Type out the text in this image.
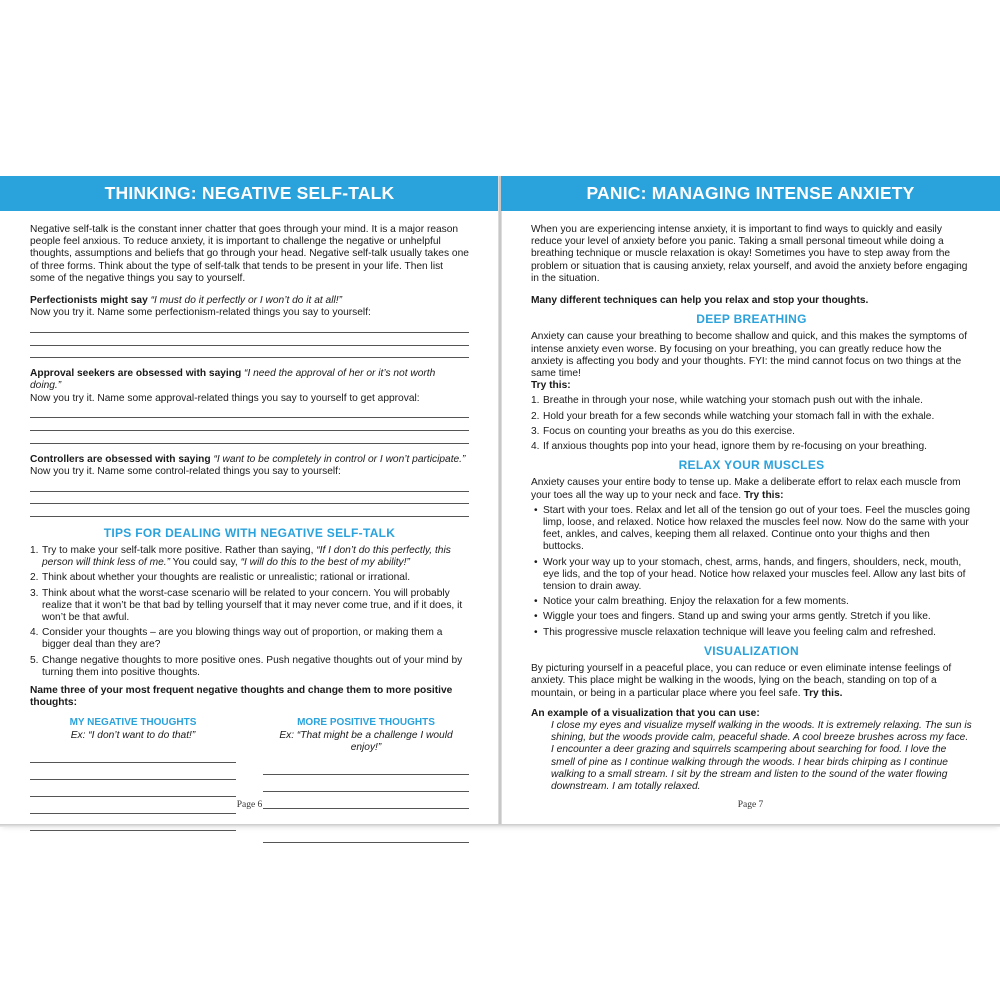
THINKING: NEGATIVE SELF-TALK

Negative self-talk is the constant inner chatter that goes through your mind. It is a major reason people feel anxious. To reduce anxiety, it is important to challenge the negative or unhelpful thoughts, assumptions and beliefs that go through your head. Negative self-talk usually takes one of three forms. Think about the type of self-talk that tends to be present in your life. Then list some of the negative things you say to yourself.

Perfectionists might say “I must do it perfectly or I won’t do it at all!”

Now you try it. Name some perfectionism-related things you say to yourself:

Approval seekers are obsessed with saying “I need the approval of her or it’s not worth doing.”

Now you try it. Name some approval-related things you say to yourself to get approval:

Controllers are obsessed with saying “I want to be completely in control or I won’t participate.”

Now you try it. Name some control-related things you say to yourself:

TIPS FOR DEALING WITH NEGATIVE SELF-TALK
1. Try to make your self-talk more positive. Rather than saying, “If I don’t do this perfectly, this person will think less of me.” You could say, “I will do this to the best of my ability!”
2. Think about whether your thoughts are realistic or unrealistic; rational or irrational.
3. Think about what the worst-case scenario will be related to your concern. You will probably realize that it won’t be that bad by telling yourself that it may never come true, and if it does, it won’t be that awful.
4. Consider your thoughts – are you blowing things way out of proportion, or making them a bigger deal than they are?
5. Change negative thoughts to more positive ones. Push negative thoughts out of your mind by turning them into positive thoughts.

Name three of your most frequent negative thoughts and change them to more positive thoughts:

MY NEGATIVE THOUGHTS
Ex: “I don’t want to do that!”
MORE POSITIVE THOUGHTS
Ex: “That might be a challenge I would enjoy!”
Page 6
PANIC: MANAGING INTENSE ANXIETY

When you are experiencing intense anxiety, it is important to find ways to quickly and easily reduce your level of anxiety before you panic. Taking a small personal timeout while doing a breathing technique or muscle relaxation is okay! Sometimes you have to step away from the problem or situation that is causing anxiety, relax yourself, and avoid the anxiety before engaging in the situation.

Many different techniques can help you relax and stop your thoughts.

DEEP BREATHING

Anxiety can cause your breathing to become shallow and quick, and this makes the symptoms of intense anxiety even worse. By focusing on your breathing, you can greatly reduce how the anxiety is affecting you body and your thoughts. FYI: the mind cannot focus on two things at the same time!

Try this:

1. Breathe in through your nose, while watching your stomach push out with the inhale.
2. Hold your breath for a few seconds while watching your stomach fall in with the exhale.
3. Focus on counting your breaths as you do this exercise.
4. If anxious thoughts pop into your head, ignore them by re-focusing on your breathing.
RELAX YOUR MUSCLES

Anxiety causes your entire body to tense up. Make a deliberate effort to relax each muscle from your toes all the way up to your neck and face. Try this:

• Start with your toes. Relax and let all of the tension go out of your toes. Feel the muscles going limp, loose, and relaxed. Notice how relaxed the muscles feel now. Now do the same with your feet, ankles, and calves, keeping them all relaxed. Continue onto your thighs and then buttocks.
• Work your way up to your stomach, chest, arms, hands, and fingers, shoulders, neck, mouth, eye lids, and the top of your head. Notice how relaxed your muscles feel. Allow any last bits of tension to drain away.
• Notice your calm breathing. Enjoy the relaxation for a few moments.
• Wiggle your toes and fingers. Stand up and swing your arms gently. Stretch if you like.
• This progressive muscle relaxation technique will leave you feeling calm and refreshed.
VISUALIZATION

By picturing yourself in a peaceful place, you can reduce or even eliminate intense feelings of anxiety. This place might be walking in the woods, lying on the beach, standing on top of a mountain, or being in a particular place where you feel safe. Try this.

An example of a visualization that you can use:

I close my eyes and visualize myself walking in the woods. It is extremely relaxing. The sun is shining, but the woods provide calm, peaceful shade. A cool breeze brushes across my face. I encounter a deer grazing and squirrels scampering about searching for food. I love the smell of pine as I continue walking through the woods. I hear birds chirping as I continue walking to a small stream. I sit by the stream and listen to the sound of the water flowing downstream. I am totally relaxed.

Page 7
